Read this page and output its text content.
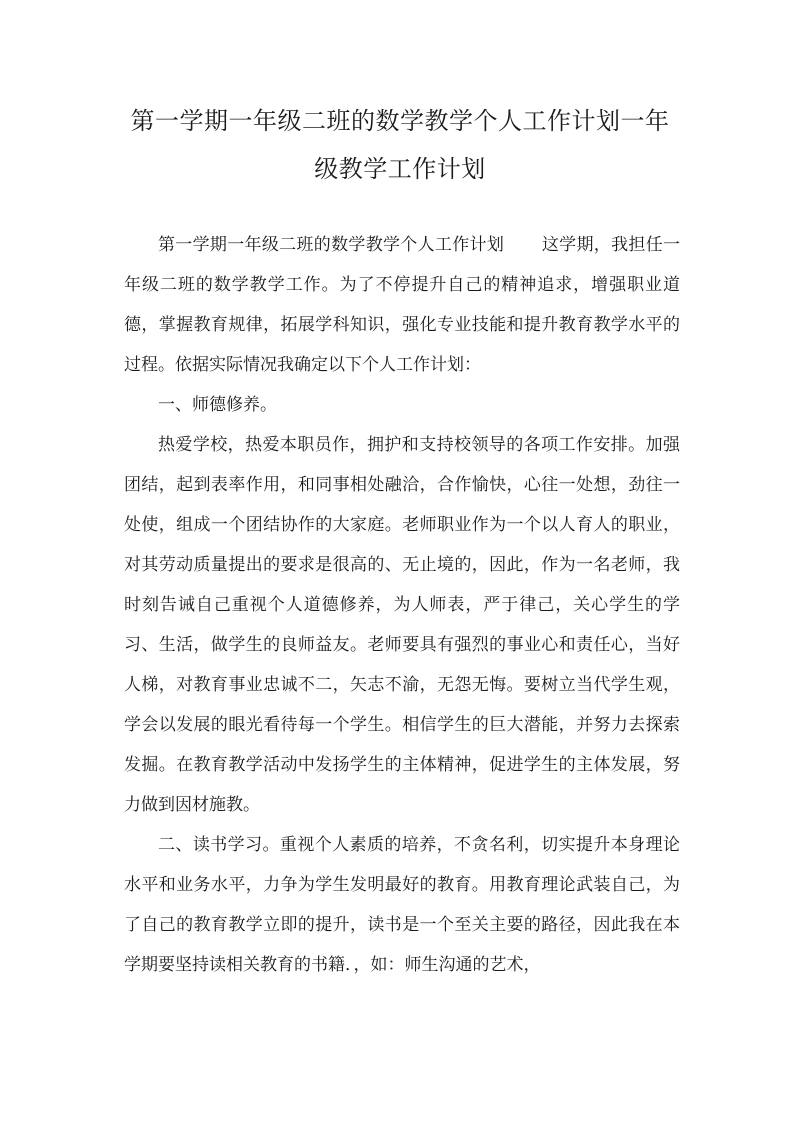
第一学期一年级二班的数学教学个人工作计划一年
级教学工作计划

第一学期一年级二班的数学教学个人工作计划 这学期，我担任一年级二班的数学教学工作。为了不停提升自己的精神追求，增强职业道德，掌握教育规律，拓展学科知识，强化专业技能和提升教育教学水平的过程。依据实际情况我确定以下个人工作计划：

一、师德修养。

热爱学校，热爱本职员作，拥护和支持校领导的各项工作安排。加强团结，起到表率作用，和同事相处融洽，合作愉快，心往一处想，劲往一处使，组成一个团结协作的大家庭。老师职业作为一个以人育人的职业，对其劳动质量提出的要求是很高的、无止境的，因此，作为一名老师，我时刻告诫自己重视个人道德修养，为人师表，严于律己，关心学生的学习、生活，做学生的良师益友。老师要具有强烈的事业心和责任心，当好人梯，对教育事业忠诚不二，矢志不渝，无怨无悔。要树立当代学生观，学会以发展的眼光看待每一个学生。相信学生的巨大潜能，并努力去探索发掘。在教育教学活动中发扬学生的主体精神，促进学生的主体发展，努力做到因材施教。

二、读书学习。重视个人素质的培养，不贪名利，切实提升本身理论水平和业务水平，力争为学生发明最好的教育。用教育理论武装自己，为了自己的教育教学立即的提升，读书是一个至关主要的路径，因此我在本学期要坚持读相关教育的书籍．，如：师生沟通的艺术，
